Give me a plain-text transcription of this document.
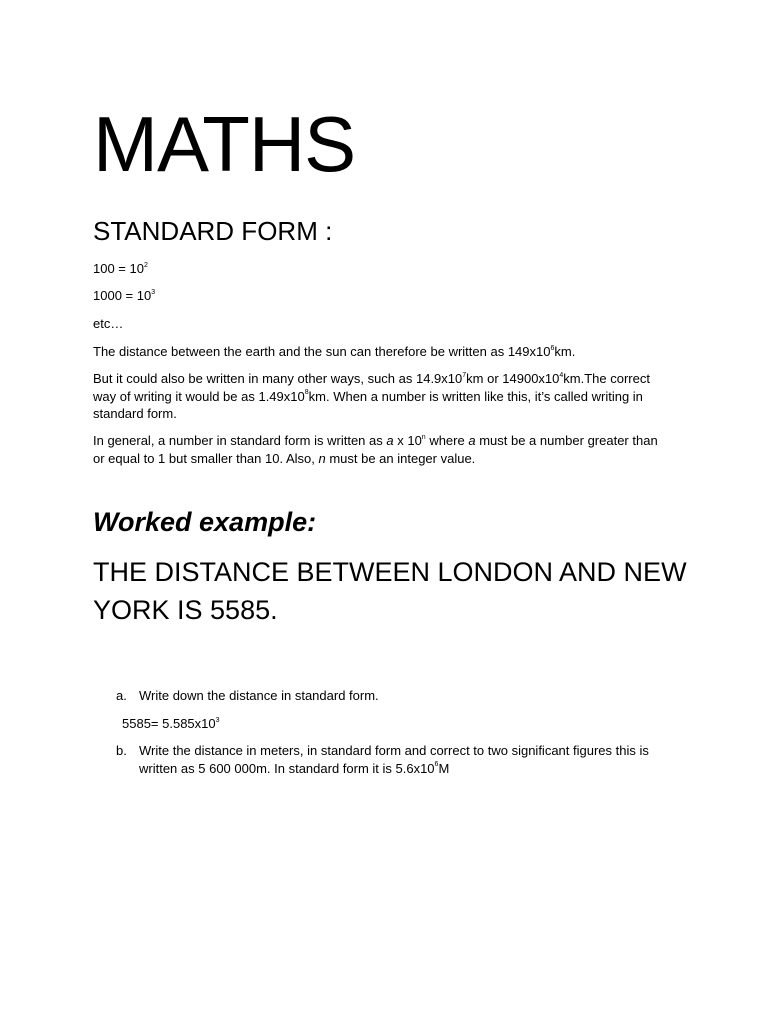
MATHS
STANDARD FORM :

$100 = 10^2$

$1000 = 10^3$

etc…

The distance between the earth and the sun can therefore be written as $149x10^6km$.

But it could also be written in many other ways, such as $14.9x10^7km$ or $14900x10^4km.The$ correct way of writing it would be as $1.49x10^8km$. When a number is written like this, it’s called writing in standard form.

In general, a number in standard form is written as a x 10$^n$ where a must be a number greater than or equal to 1 but smaller than 10. Also, n must be an integer value.

Worked example:
THE DISTANCE BETWEEN LONDON AND NEW YORK IS 5585.
a. Write down the distance in standard form.
$5585= 5.585x10^3$
b. Write the distance in meters, in standard form and correct to two significant figures this is written as 5 600 000m. In standard form it is $5.6x10^6M$
